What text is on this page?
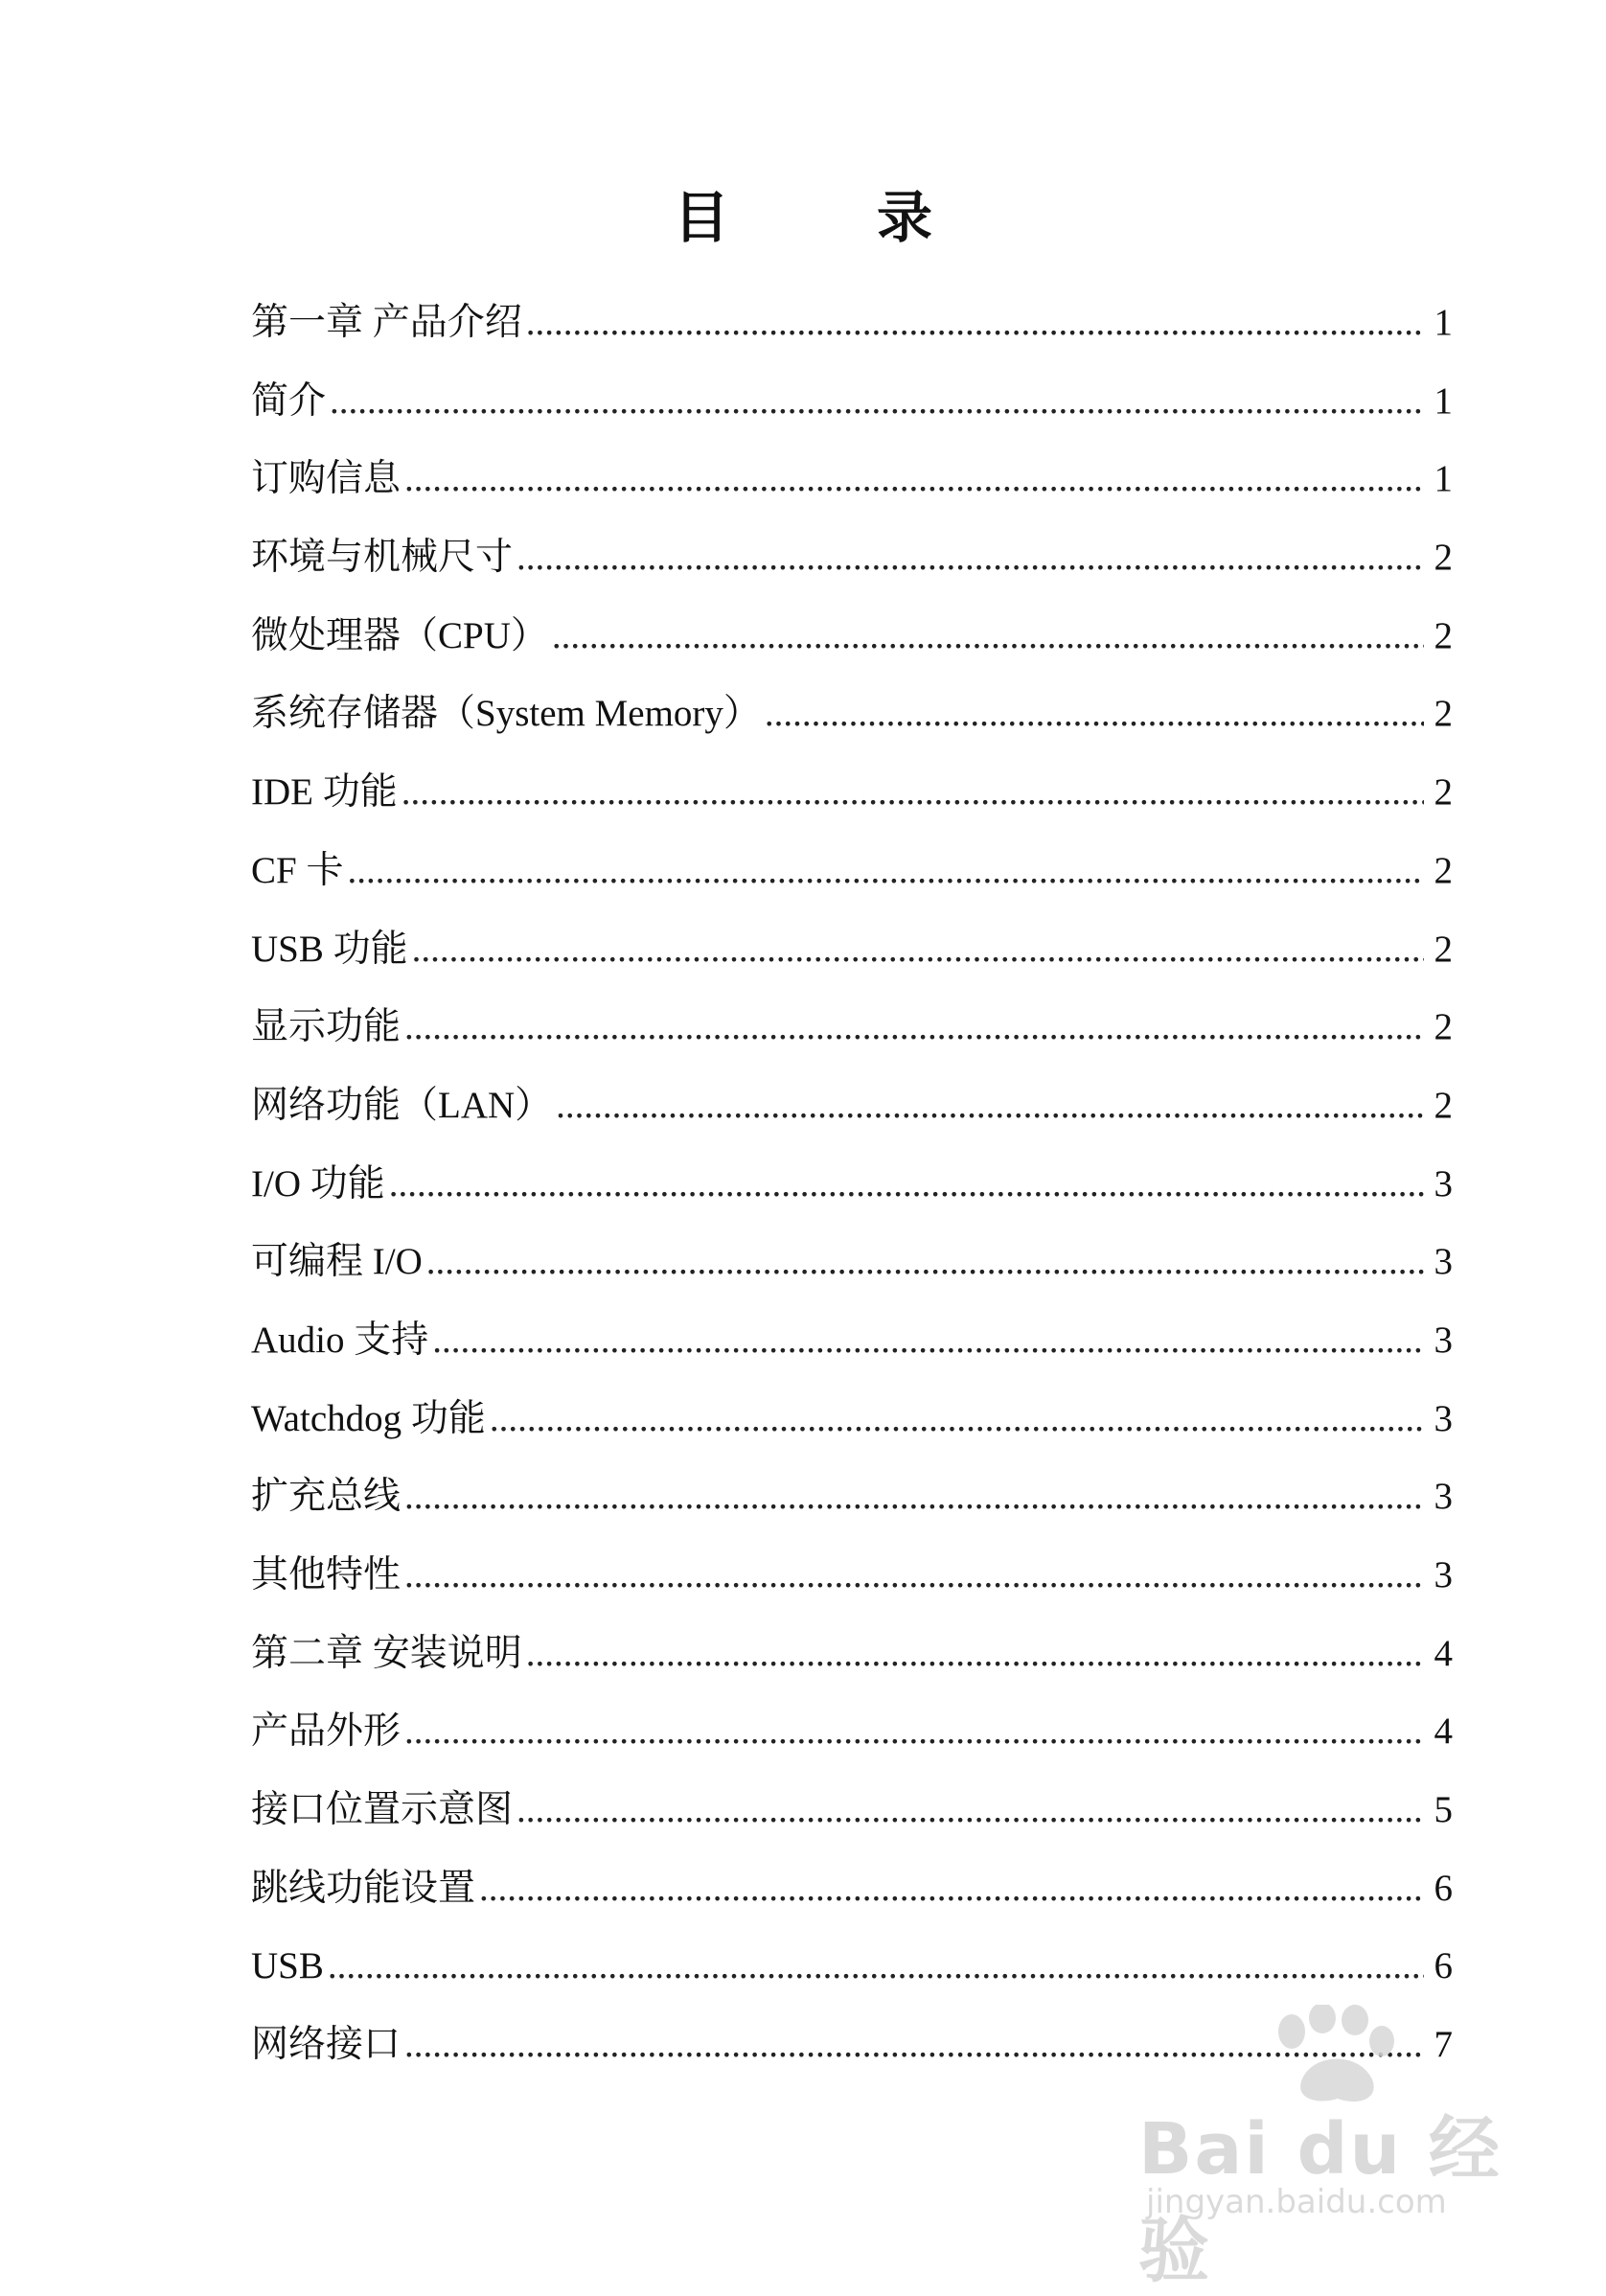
目　录
第一章 产品介绍 .....	1
简介 .....	1
订购信息 .....	1
环境与机械尺寸 .....	2
微处理器（CPU） .....	2
系统存储器（System Memory） .....	2
IDE 功能 .....	2
CF 卡 .....	2
USB 功能 .....	2
显示功能 .....	2
网络功能（LAN） .....	2
I/O 功能 .....	3
可编程 I/O .....	3
Audio 支持 .....	3
Watchdog 功能 .....	3
扩充总线 .....	3
其他特性 .....	3
第二章 安装说明 .....	4
产品外形 .....	4
接口位置示意图 .....	5
跳线功能设置 .....	6
USB .....	6
网络接口 .....	7
Bai du 经验
jingyan.baidu.com
